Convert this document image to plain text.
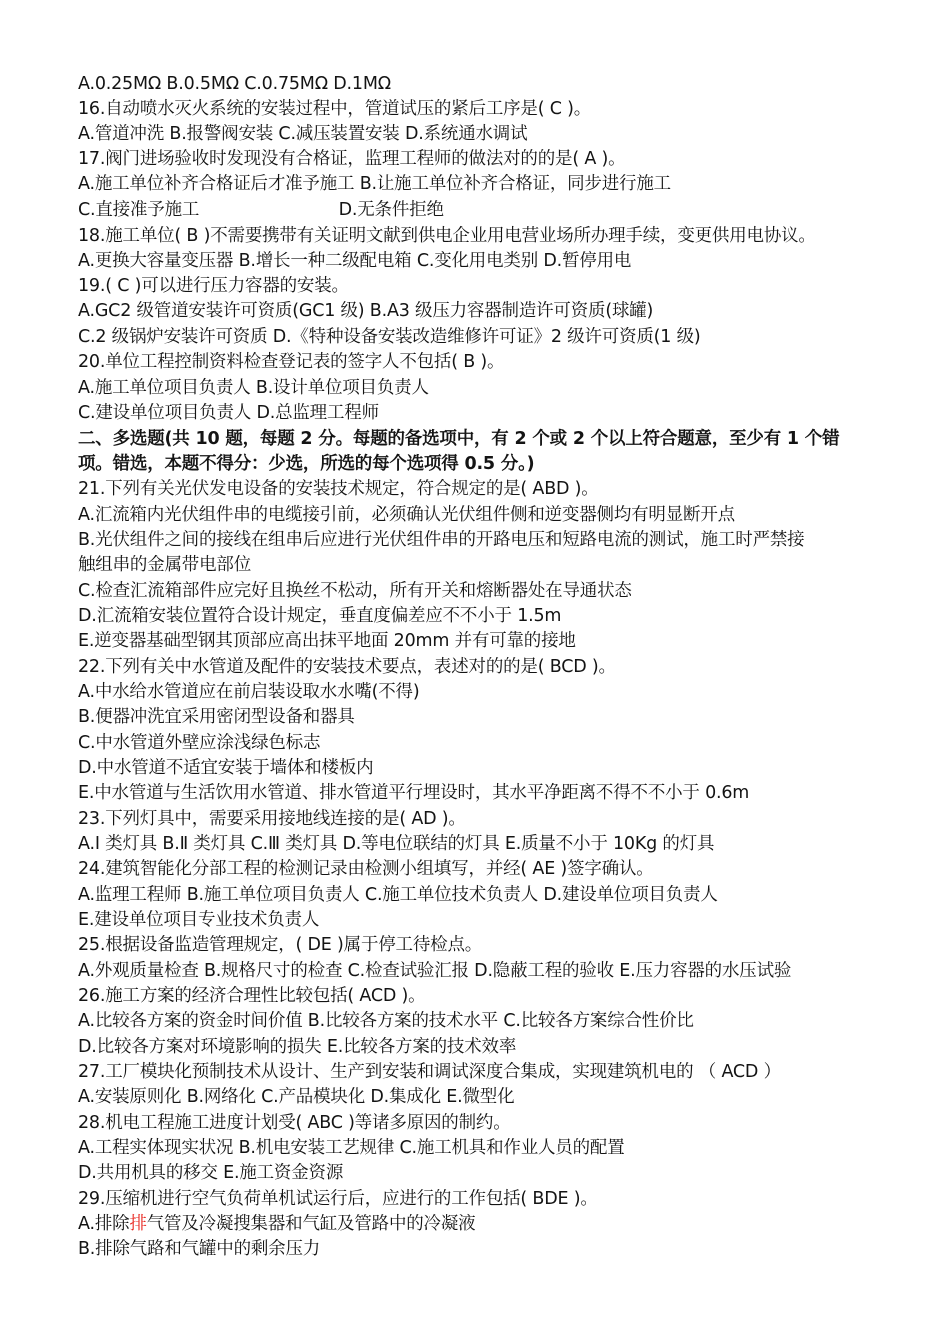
A.0.25MΩ B.0.5MΩ C.0.75MΩ D.1MΩ
16.自动喷水灭火系统的安装过程中，管道试压的紧后工序是( C )。
A.管道冲洗 B.报警阀安装 C.减压装置安装 D.系统通水调试
17.阀门进场验收时发现没有合格证，监理工程师的做法对的的是( A )。
A.施工单位补齐合格证后才准予施工 B.让施工单位补齐合格证，同步进行施工
C.直接准予施工                          D.无条件拒绝
18.施工单位( B )不需要携带有关证明文献到供电企业用电营业场所办理手续，变更供用电协议。
A.更换大容量变压器 B.增长一种二级配电箱 C.变化用电类别 D.暂停用电
19.( C )可以进行压力容器的安装。
A.GC2 级管道安装许可资质(GC1 级) B.A3 级压力容器制造许可资质(球罐)
C.2 级锅炉安装许可资质 D.《特种设备安装改造维修许可证》2 级许可资质(1 级)
20.单位工程控制资料检查登记表的签字人不包括( B )。
A.施工单位项目负责人 B.设计单位项目负责人
C.建设单位项目负责人 D.总监理工程师
二、多选题(共 10 题，每题 2 分。每题的备选项中，有 2 个或 2 个以上符合题意，至少有 1 个错
项。错选，本题不得分：少选，所选的每个选项得 0.5 分。)
21.下列有关光伏发电设备的安装技术规定，符合规定的是( ABD )。
A.汇流箱内光伏组件串的电缆接引前，必须确认光伏组件侧和逆变器侧均有明显断开点
B.光伏组件之间的接线在组串后应进行光伏组件串的开路电压和短路电流的测试，施工时严禁接
触组串的金属带电部位
C.检查汇流箱部件应完好且换丝不松动，所有开关和熔断器处在导通状态
D.汇流箱安装位置符合设计规定，垂直度偏差应不不小于 1.5m
E.逆变器基础型钢其顶部应高出抹平地面 20mm 并有可靠的接地
22.下列有关中水管道及配件的安装技术要点，表述对的的是( BCD )。
A.中水给水管道应在前启装设取水水嘴(不得)
B.便器冲洗宜采用密闭型设备和器具
C.中水管道外壁应涂浅绿色标志
D.中水管道不适宜安装于墙体和楼板内
E.中水管道与生活饮用水管道、排水管道平行埋设时，其水平净距离不得不不小于 0.6m
23.下列灯具中，需要采用接地线连接的是( AD )。
A.Ⅰ 类灯具 B.Ⅱ 类灯具 C.Ⅲ 类灯具 D.等电位联结的灯具 E.质量不小于 10Kg 的灯具
24.建筑智能化分部工程的检测记录由检测小组填写，并经( AE )签字确认。
A.监理工程师 B.施工单位项目负责人 C.施工单位技术负责人 D.建设单位项目负责人
E.建设单位项目专业技术负责人
25.根据设备监造管理规定，( DE )属于停工待检点。
A.外观质量检查 B.规格尺寸的检查 C.检查试验汇报 D.隐蔽工程的验收 E.压力容器的水压试验
26.施工方案的经济合理性比较包括( ACD )。
A.比较各方案的资金时间价值 B.比较各方案的技术水平 C.比较各方案综合性价比
D.比较各方案对环境影响的损失 E.比较各方案的技术效率
27.工厂模块化预制技术从设计、生产到安装和调试深度合集成，实现建筑机电的 （ ACD ）
A.安装原则化 B.网络化 C.产品模块化 D.集成化 E.微型化
28.机电工程施工进度计划受( ABC )等诸多原因的制约。
A.工程实体现实状况 B.机电安装工艺规律 C.施工机具和作业人员的配置
D.共用机具的移交 E.施工资金资源
29.压缩机进行空气负荷单机试运行后，应进行的工作包括( BDE )。
A.排除排气管及冷凝搜集器和气缸及管路中的冷凝液
B.排除气路和气罐中的剩余压力
